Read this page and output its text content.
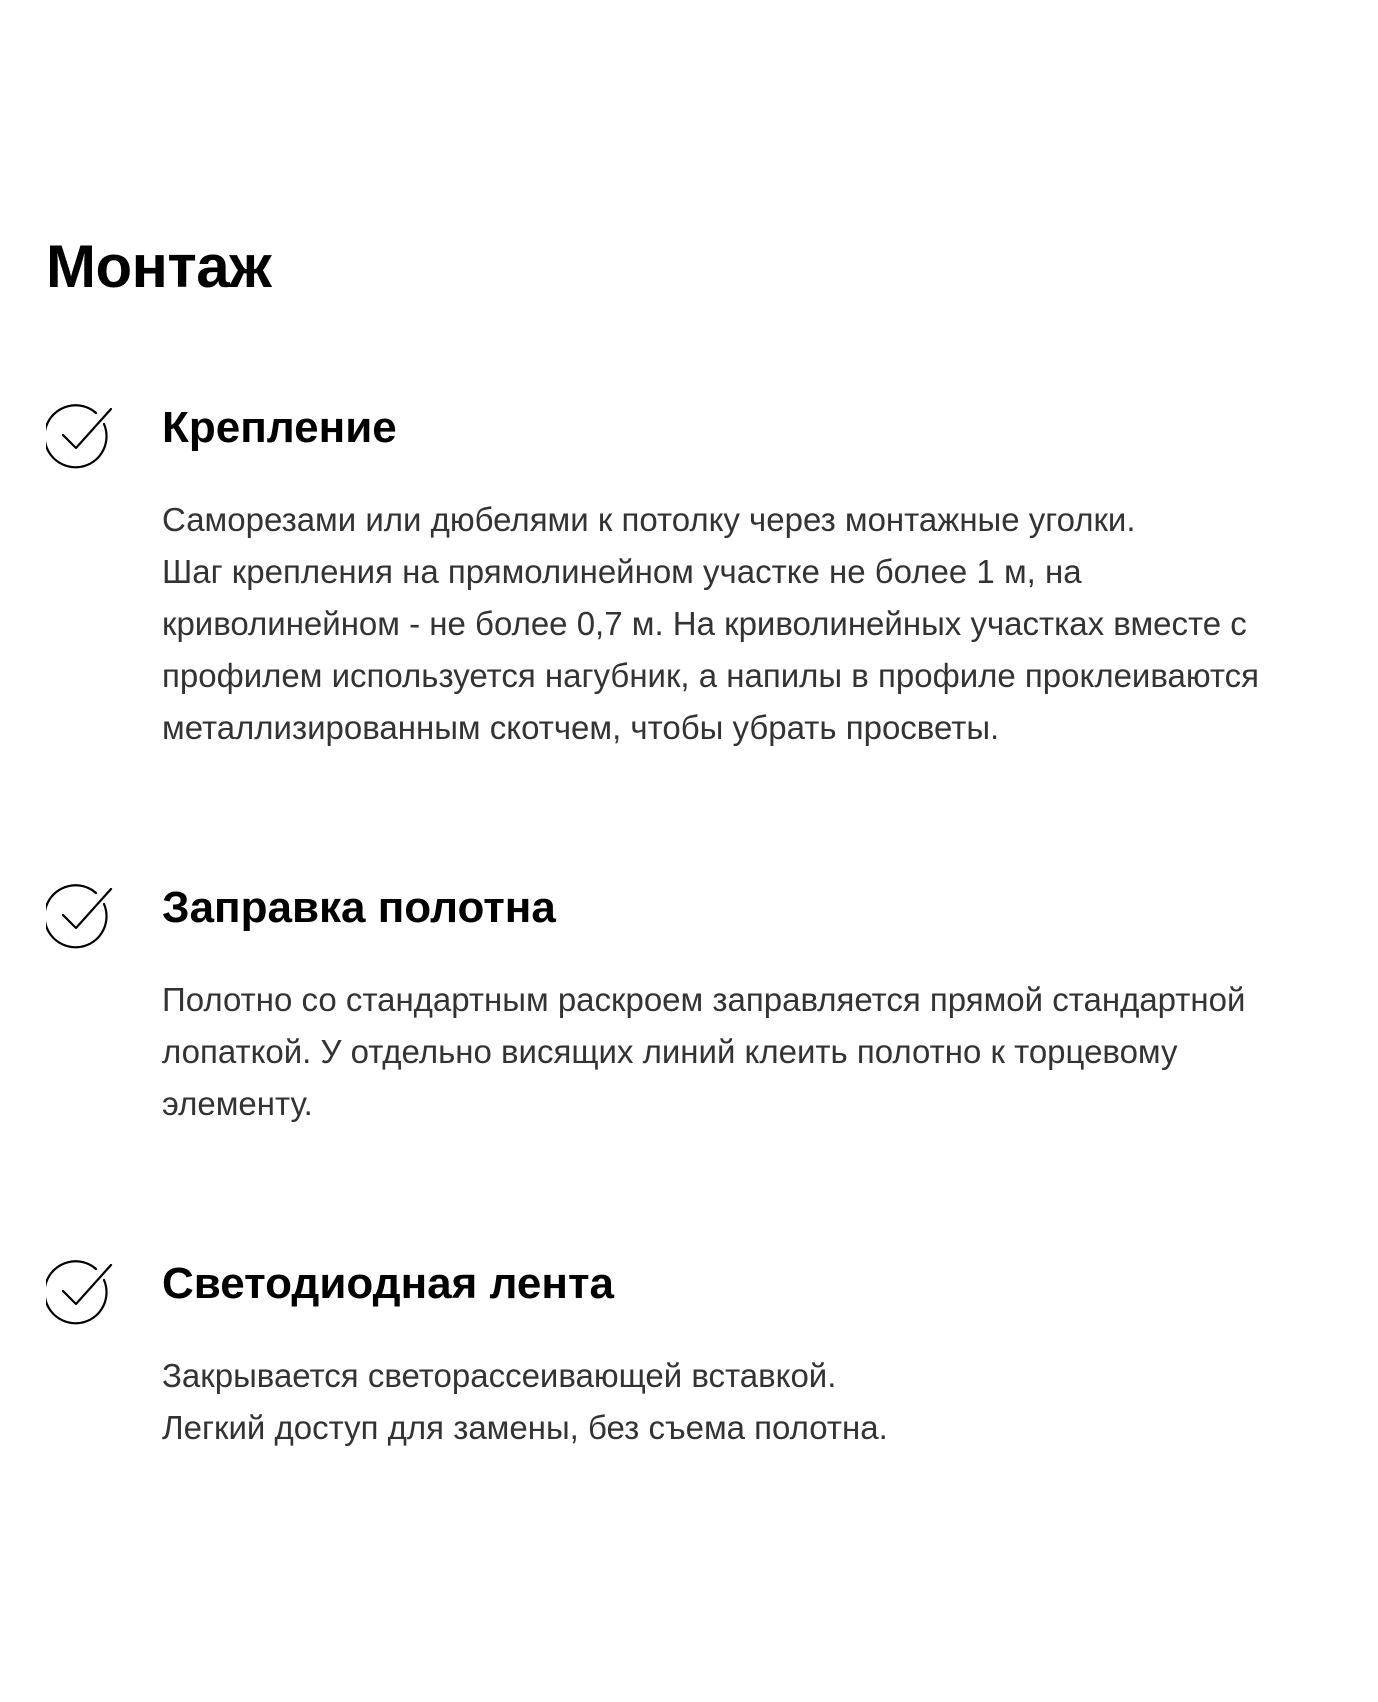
Монтаж
Крепление

Саморезами или дюбелями к потолку через монтажные уголки.

Шаг крепления на прямолинейном участке не более 1 м, на

криволинейном - не более 0,7 м. На криволинейных участках вместе с

профилем используется нагубник, а напилы в профиле проклеиваются

металлизированным скотчем, чтобы убрать просветы.

Заправка полотна

Полотно со стандартным раскроем заправляется прямой стандартной

лопаткой. У отдельно висящих линий клеить полотно к торцевому

элементу.

Светодиодная лента

Закрывается светорассеивающей вставкой.

Легкий доступ для замены, без съема полотна.
